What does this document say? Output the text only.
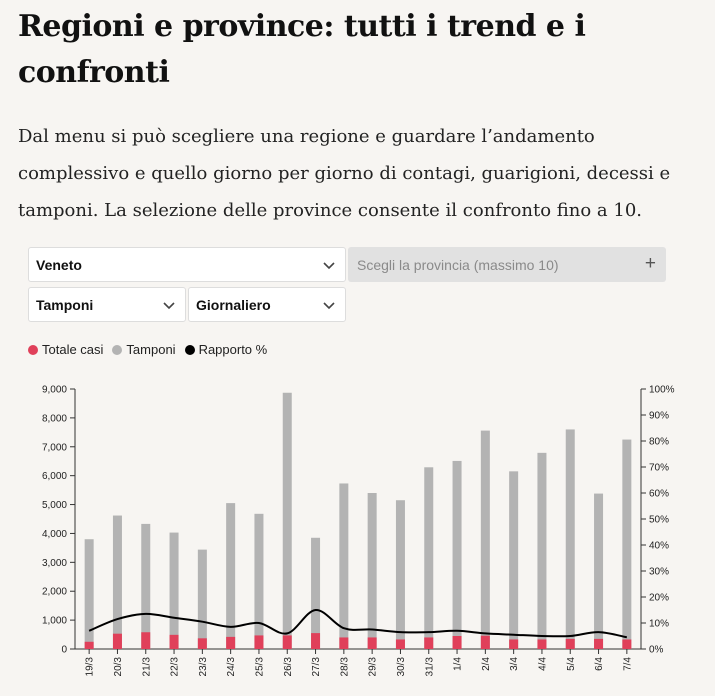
Regioni e province: tutti i trend e i confronti

Dal menu si può scegliere una regione e guardare l’andamento complessivo e quello giorno per giorno di contagi, guarigioni, decessi e tamponi. La selezione delle province consente il confronto fino a 10.

Veneto	Scegli la provincia (massimo 10)	+
Tamponi	Giornaliero
Totale casi Tamponi Rapporto %
0
1,000
2,000
3,000
4,000
5,000
6,000
7,000
8,000
9,000
0%
10%
20%
30%
40%
50%
60%
70%
80%
90%
100%
19/3 20/3 21/3 22/3 23/3 24/3 25/3 26/3 27/3 28/3 29/3 30/3 31/3 1/4 2/4 3/4 4/4 5/4 6/4 7/4
